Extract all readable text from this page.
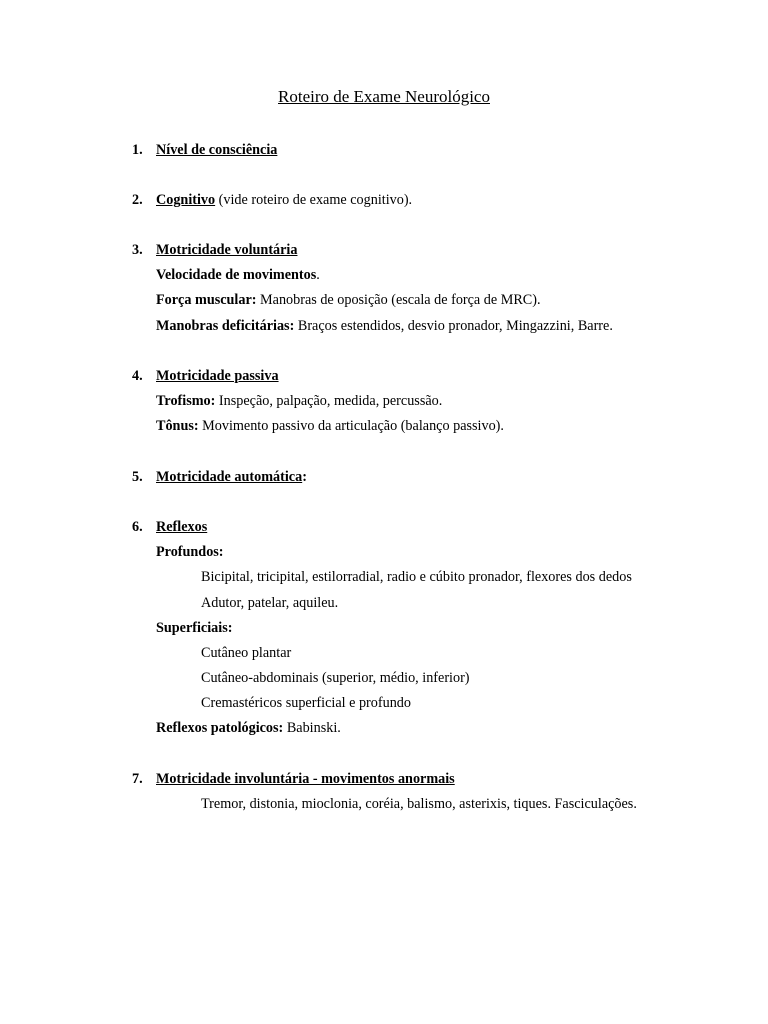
Roteiro de Exame Neurológico
1. Nível de consciência
2. Cognitivo (vide roteiro de exame cognitivo).
3. Motricidade voluntária
Velocidade de movimentos.
Força muscular: Manobras de oposição (escala de força de MRC).
Manobras deficitárias: Braços estendidos, desvio pronador, Mingazzini, Barre.
4. Motricidade passiva
Trofismo: Inspeção, palpação, medida, percussão.
Tônus: Movimento passivo da articulação (balanço passivo).
5. Motricidade automática:
6. Reflexos
Profundos:
Bicipital, tricipital, estilorradial, radio e cúbito pronador, flexores dos dedos
Adutor, patelar, aquileu.
Superficiais:
Cutâneo plantar
Cutâneo-abdominais (superior, médio, inferior)
Cremastéricos superficial e profundo
Reflexos patológicos: Babinski.
7. Motricidade involuntária - movimentos anormais
Tremor, distonia, mioclonia, coréia, balismo, asterixis, tiques. Fasciculações.
